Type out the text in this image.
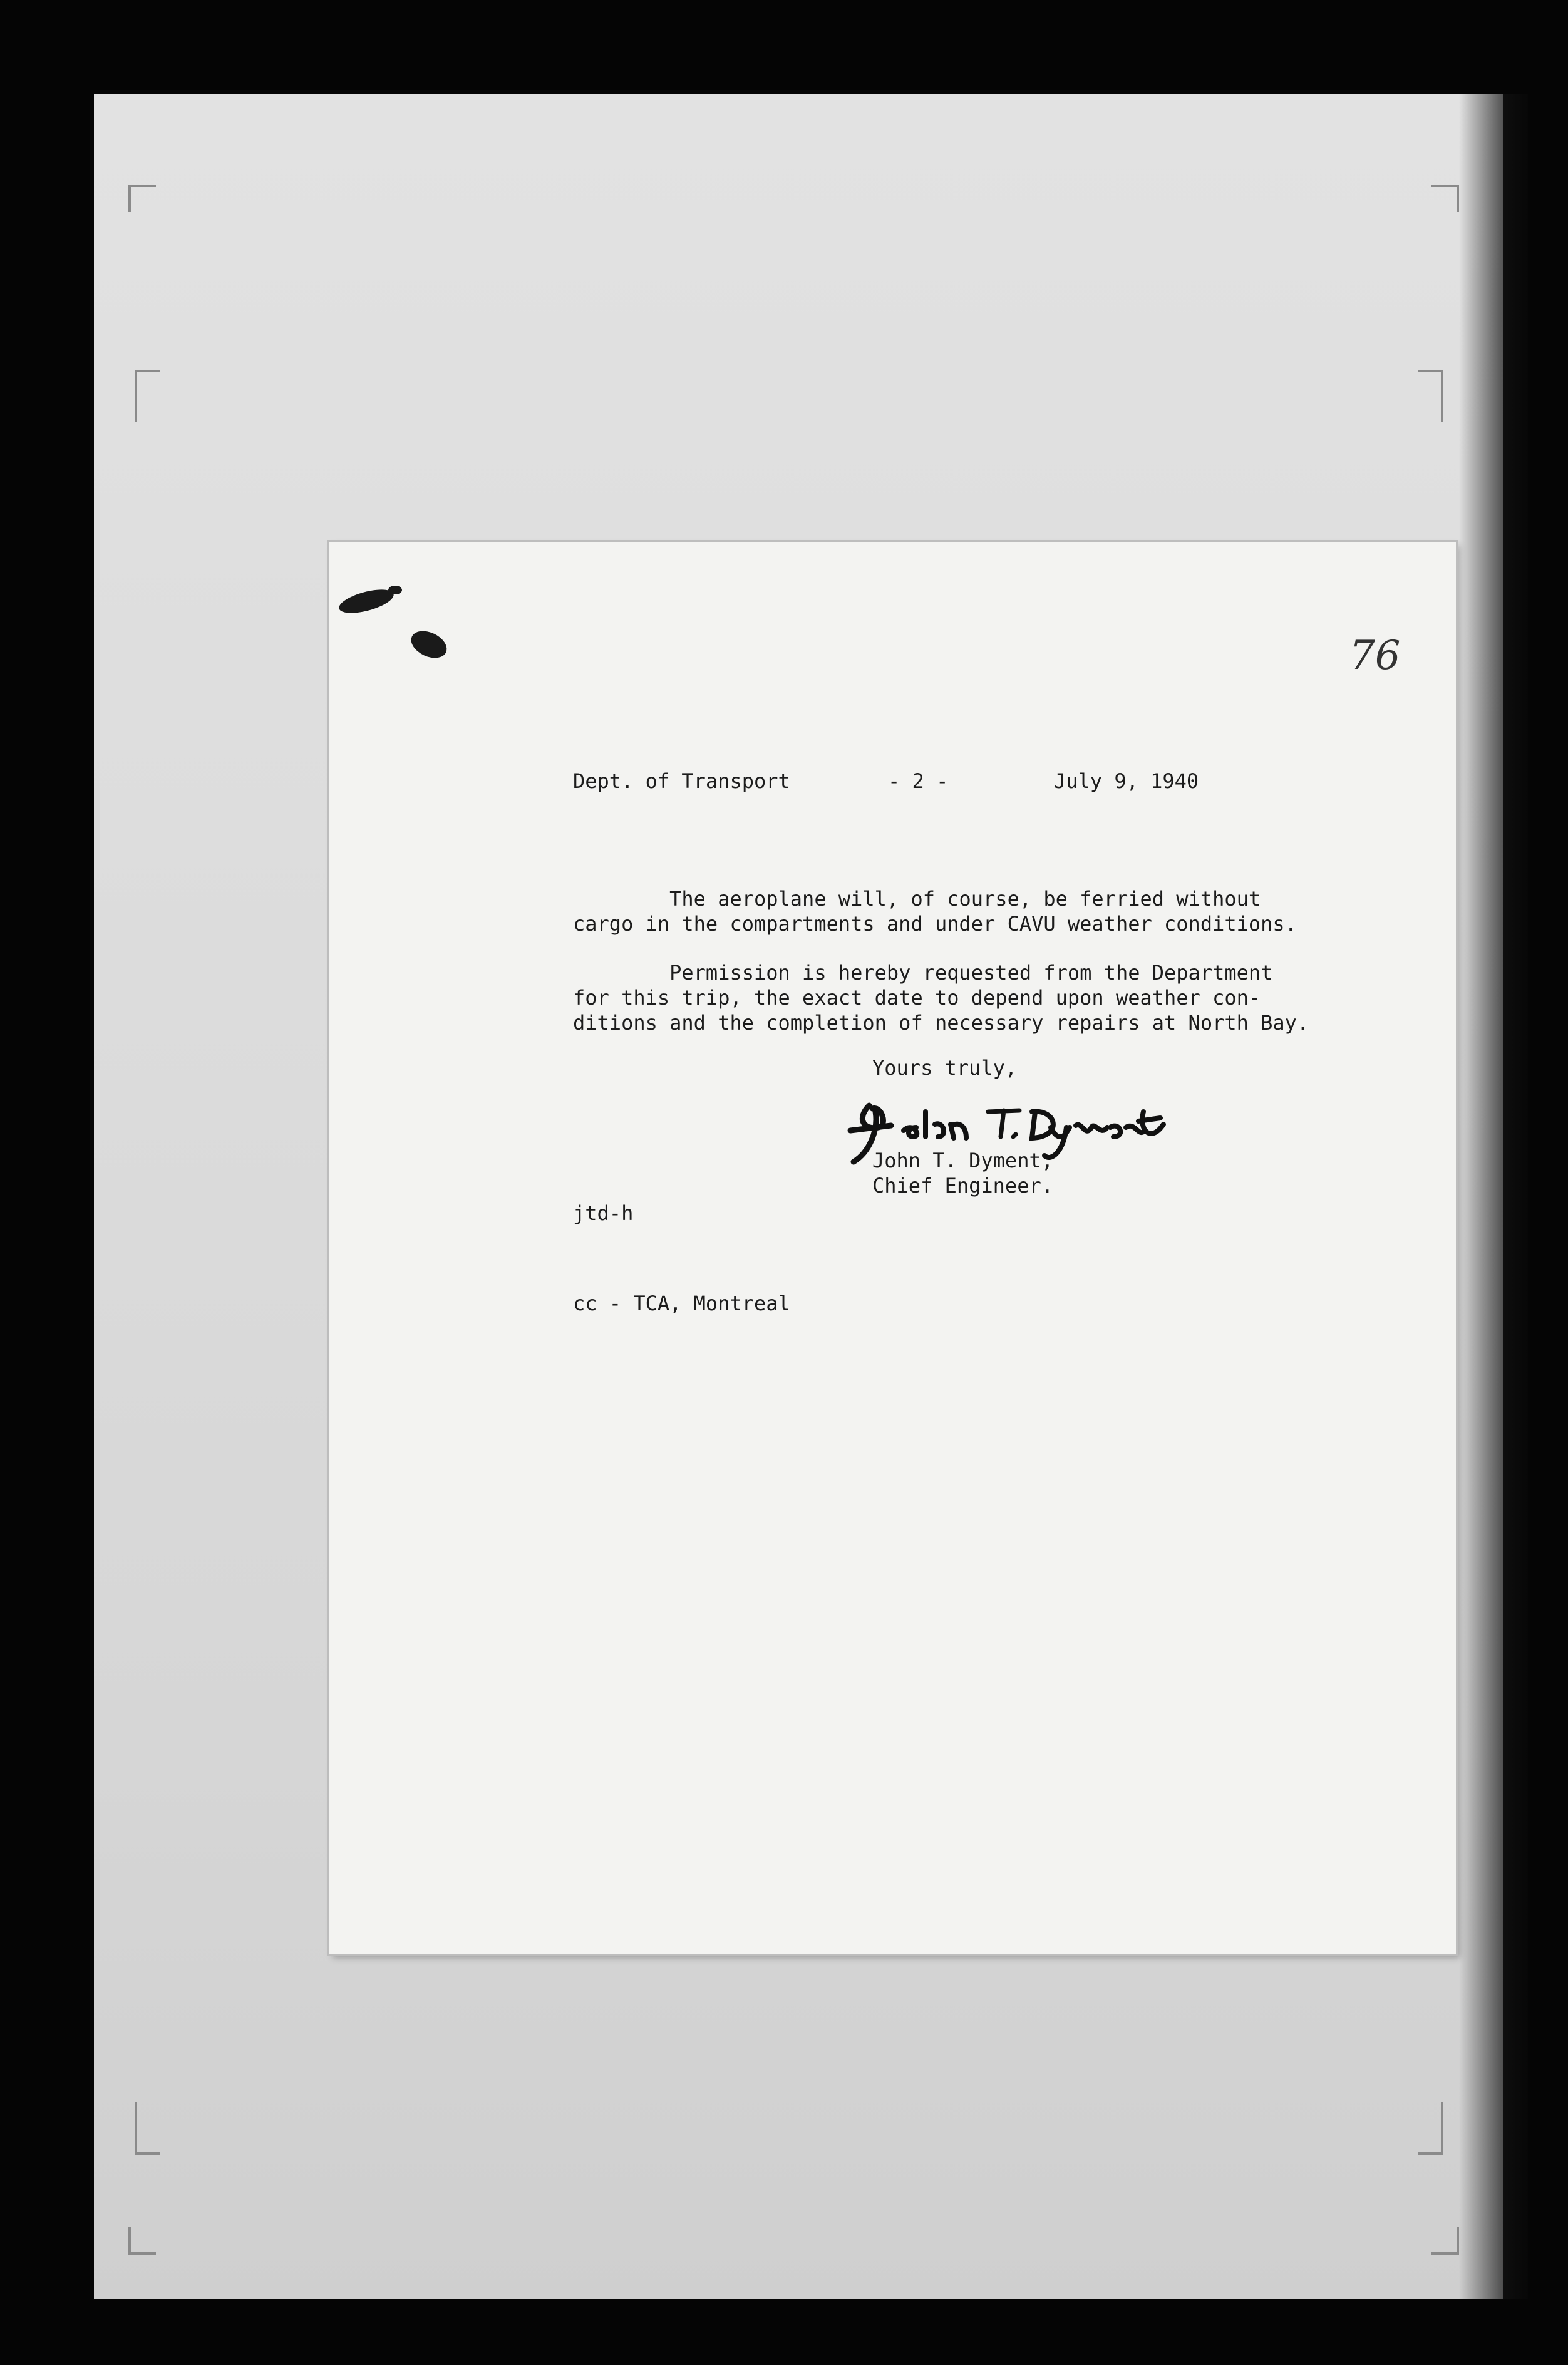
76

Dept. of Transport	- 2 -	July 9, 1940

The aeroplane will, of course, be ferried without

cargo in the compartments and under CAVU weather conditions.

Permission is hereby requested from the Department

for this trip, the exact date to depend upon weather con-

ditions and the completion of necessary repairs at North Bay.

Yours truly,

John T. Dyment,

Chief Engineer.

jtd-h

cc - TCA, Montreal
